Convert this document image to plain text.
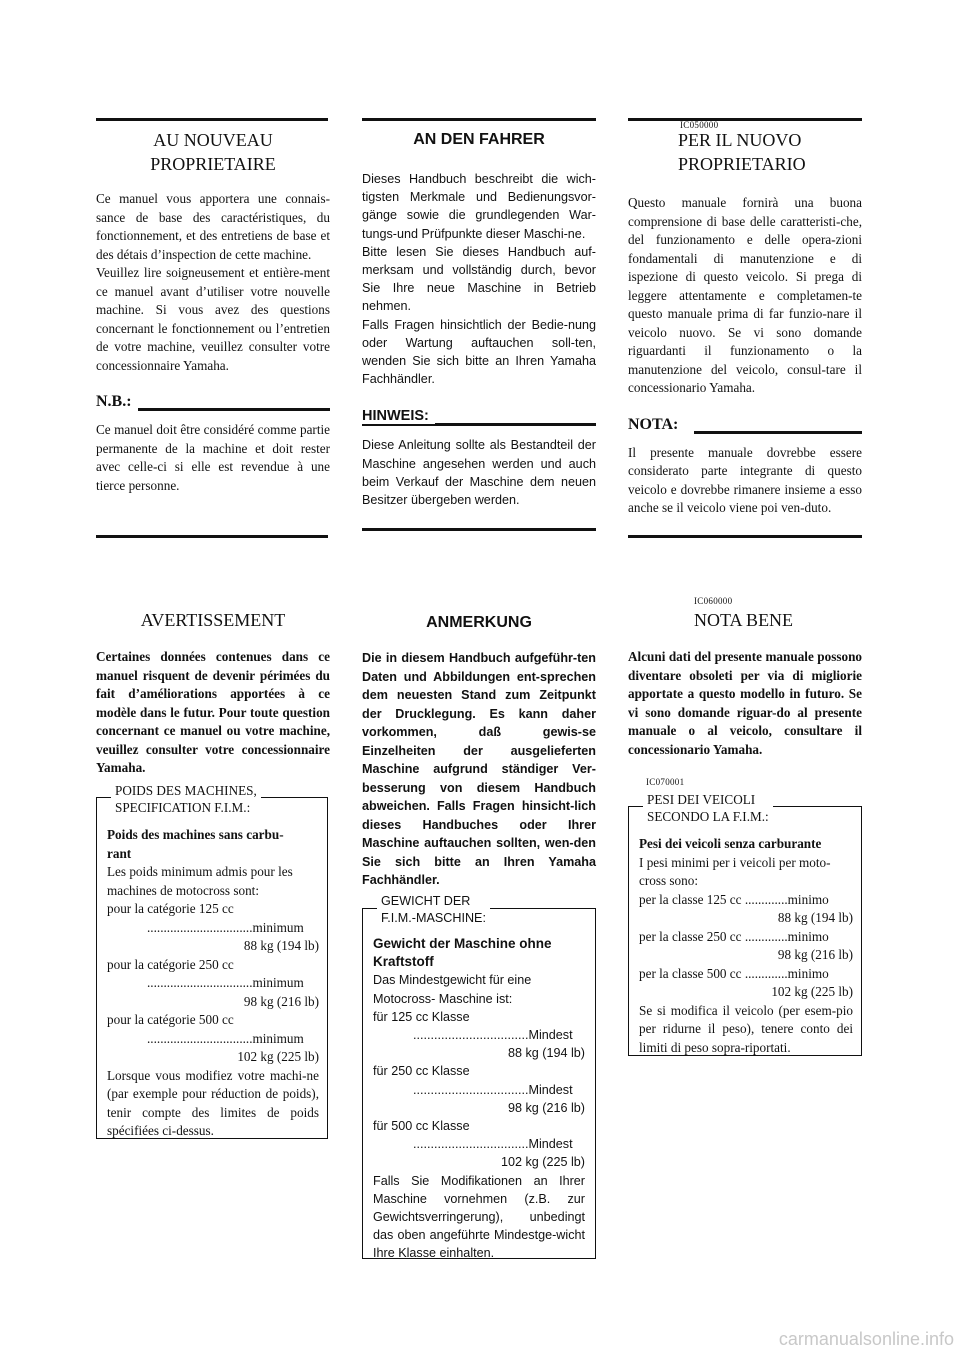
IC050000

AU NOUVEAU

PROPRIETAIRE

Ce manuel vous apportera une connais-sance de base des caractéristiques, du fonctionnement, et des entretiens de base et des détais d’inspection de cette machine.

Veuillez lire soigneusement et entière-ment ce manuel avant d’utiliser votre nouvelle machine. Si vous avez des questions concernant le fonctionnement ou l’entretien de votre machine, veuillez consulter votre concessionnaire Yamaha.

N.B.:

Ce manuel doit être considéré comme partie permanente de la machine et doit rester avec celle-ci si elle est revendue à une tierce personne.

AN DEN FAHRER

Dieses Handbuch beschreibt die wich-tigsten Merkmale und Bedienungsvor-gänge sowie die grundlegenden War-tungs-und Prüfpunkte dieser Maschi-ne.

Bitte lesen Sie dieses Handbuch auf-merksam und vollständig durch, bevor Sie Ihre neue Maschine in Betrieb nehmen.

Falls Fragen hinsichtlich der Bedie-nung oder Wartung auftauchen soll-ten, wenden Sie sich bitte an Ihren Yamaha Fachhändler.

HINWEIS:

Diese Anleitung sollte als Bestandteil der Maschine angesehen werden und auch beim Verkauf der Maschine dem neuen Besitzer übergeben werden.

PER IL NUOVO

PROPRIETARIO

Questo manuale fornirà una buona comprensione di base delle caratteristi-che, del funzionamento e delle opera-zioni fondamentali di manutenzione e di ispezione di questo veicolo. Si prega di leggere attentamente e completamen-te questo manuale prima di far funzio-nare il veicolo nuovo. Se vi sono domande riguardanti il funzionamento o la manutenzione del veicolo, consul-tare il concessionario Yamaha.

NOTA:

Il presente manuale dovrebbe essere considerato parte integrante di questo veicolo e dovrebbe rimanere insieme a esso anche se il veicolo viene poi ven-duto.

IC060000

AVERTISSEMENT

Certaines données contenues dans ce manuel risquent de devenir périmées du fait d’améliorations apportées à ce modèle dans le futur. Pour toute question concernant ce manuel ou votre machine, veuillez consulter votre concessionnaire Yamaha.

ANMERKUNG

Die in diesem Handbuch aufgeführ-ten Daten und Abbildungen ent-sprechen dem neuesten Stand zum Zeitpunkt der Drucklegung. Es kann daher vorkommen, daß gewis-se Einzelheiten der ausgelieferten Maschine aufgrund ständiger Ver-besserung von diesem Handbuch abweichen. Falls Fragen hinsicht-lich dieses Handbuches oder Ihrer Maschine auftauchen sollten, wen-den Sie sich bitte an Ihren Yamaha Fachhändler.

NOTA BENE

Alcuni dati del presente manuale possono diventare obsoleti per via di migliorie apportate a questo modello in futuro. Se vi sono domande riguar-do al presente manuale o al veicolo, consultare il concessionario Yamaha.

POIDS DES MACHINES,
SPECIFICATION F.I.M.:

Poids des machines sans carbu-

rant

Les poids minimum admis pour les machines de motocross sont:

pour la catégorie 125 cc

................................minimum

88 kg (194 lb)

pour la catégorie 250 cc

................................minimum

98 kg (216 lb)

pour la catégorie 500 cc

................................minimum

102 kg (225 lb)

Lorsque vous modifiez votre machi-ne (par exemple pour réduction de poids), tenir compte des limites de poids spécifiées ci-dessus.

GEWICHT DER
F.I.M.-MASCHINE:

Gewicht der Maschine ohne

Kraftstoff

Das Mindestgewicht für eine Motocross- Maschine ist:

für 125 cc Klasse

.................................Mindest

88 kg (194 lb)

für 250 cc Klasse

.................................Mindest

98 kg (216 lb)

für 500 cc Klasse

.................................Mindest

102 kg (225 lb)

Falls Sie Modifikationen an Ihrer Maschine vornehmen (z.B. zur Gewichtsverringerung), unbedingt das oben angeführte Mindestge-wicht Ihre Klasse einhalten.

IC070001
PESI DEI VEICOLI
SECONDO LA F.I.M.:

Pesi dei veicoli senza carburante

I pesi minimi per i veicoli per moto-cross sono:

per la classe 125 cc .............minimo

88 kg (194 lb)

per la classe 250 cc .............minimo

98 kg (216 lb)

per la classe 500 cc .............minimo

102 kg (225 lb)

Se si modifica il veicolo (per esem-pio per ridurne il peso), tenere conto dei limiti di peso sopra-riportati.

carmanualsonline.info
